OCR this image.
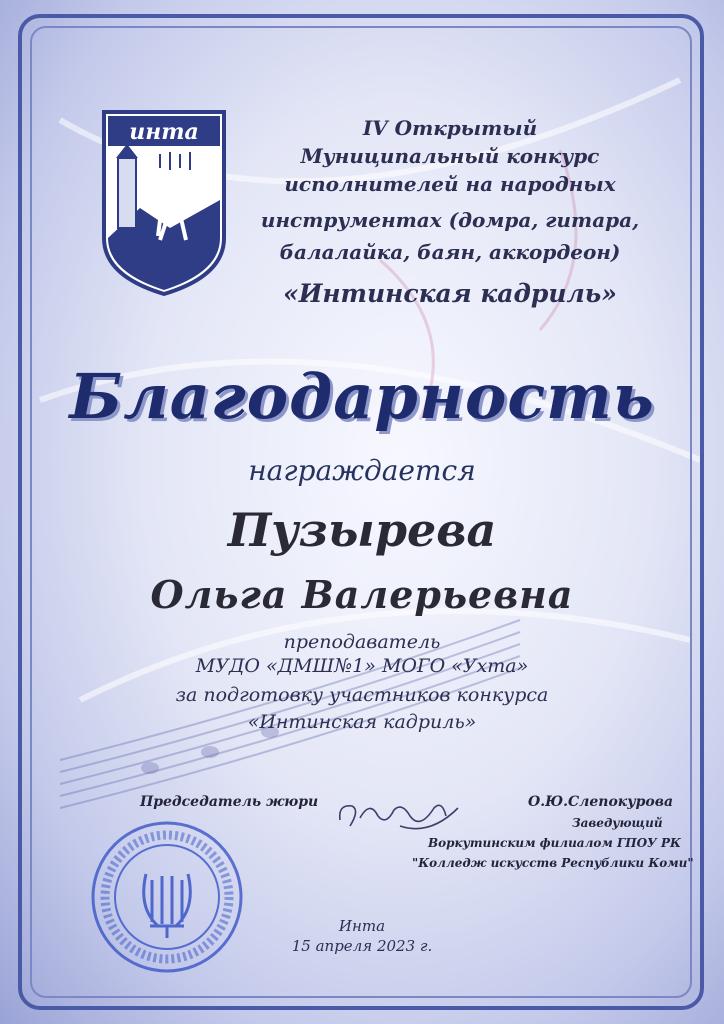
инта	IV Открытый
Муниципальный конкурс
исполнителей на народных
инструментах (домра, гитара,
балалайка, баян, аккордеон)
«Интинская кадриль»
Благодарность
награждается
Пузырева
Ольга Валерьевна
преподаватель
МУДО «ДМШ№1» МОГО «Ухта»
за подготовку участников конкурса
«Интинская кадриль»
Председатель жюри	О.Ю.Слепокурова
Заведующий
Воркутинским филиалом ГПОУ РК
"Колледж искусств Республики Коми"
Инта
15 апреля 2023 г.
